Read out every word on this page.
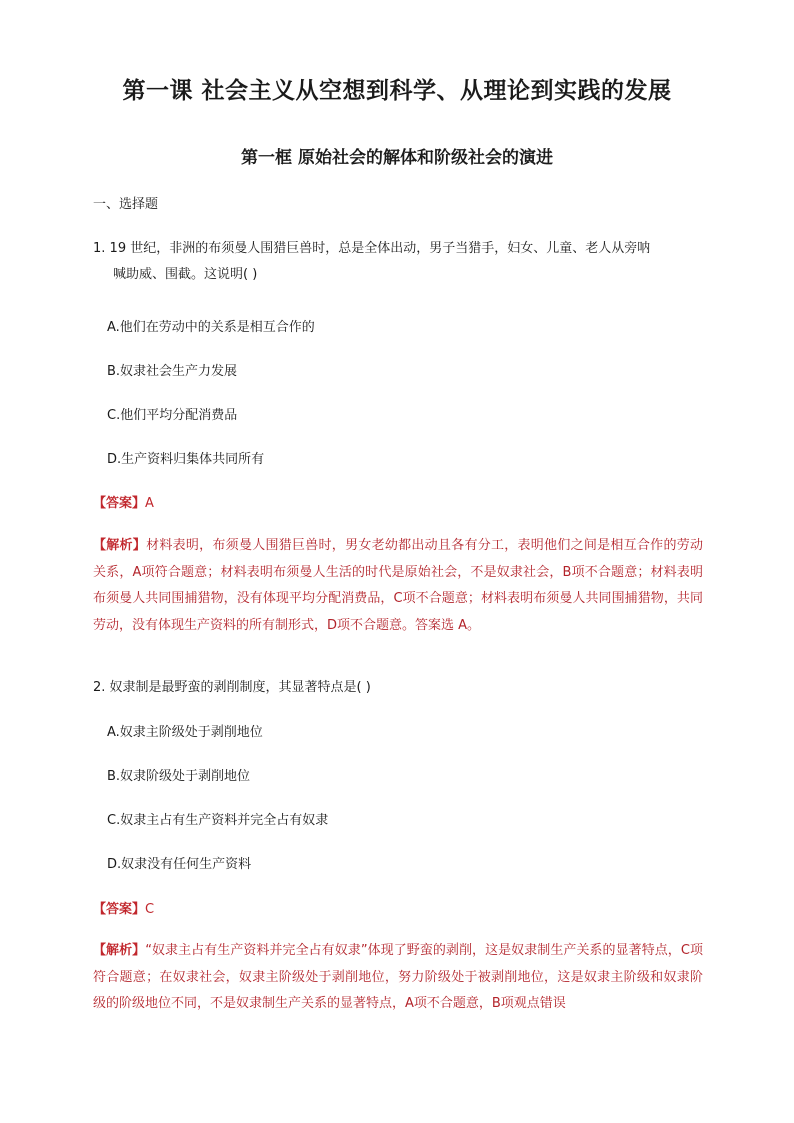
第一课 社会主义从空想到科学、从理论到实践的发展
第一框 原始社会的解体和阶级社会的演进
一、选择题
1. 19 世纪，非洲的布须曼人围猎巨兽时，总是全体出动，男子当猎手，妇女、儿童、老人从旁呐
喊助威、围截。这说明( )
A.他们在劳动中的关系是相互合作的
B.奴隶社会生产力发展
C.他们平均分配消费品
D.生产资料归集体共同所有
【答案】A
【解析】材料表明，布须曼人围猎巨兽时，男女老幼都出动且各有分工，表明他们之间是相互合作的劳动关系，A项符合题意；材料表明布须曼人生活的时代是原始社会，不是奴隶社会，B项不合题意；材料表明布须曼人共同围捕猎物，没有体现平均分配消费品，C项不合题意；材料表明布须曼人共同围捕猎物，共同劳动，没有体现生产资料的所有制形式，D项不合题意。答案选 A。
2. 奴隶制是最野蛮的剥削制度，其显著特点是( )
A.奴隶主阶级处于剥削地位
B.奴隶阶级处于剥削地位
C.奴隶主占有生产资料并完全占有奴隶
D.奴隶没有任何生产资料
【答案】C
【解析】“奴隶主占有生产资料并完全占有奴隶”体现了野蛮的剥削，这是奴隶制生产关系的显著特点，C项符合题意；在奴隶社会，奴隶主阶级处于剥削地位，努力阶级处于被剥削地位，这是奴隶主阶级和奴隶阶级的阶级地位不同，不是奴隶制生产关系的显著特点，A项不合题意，B项观点错误
